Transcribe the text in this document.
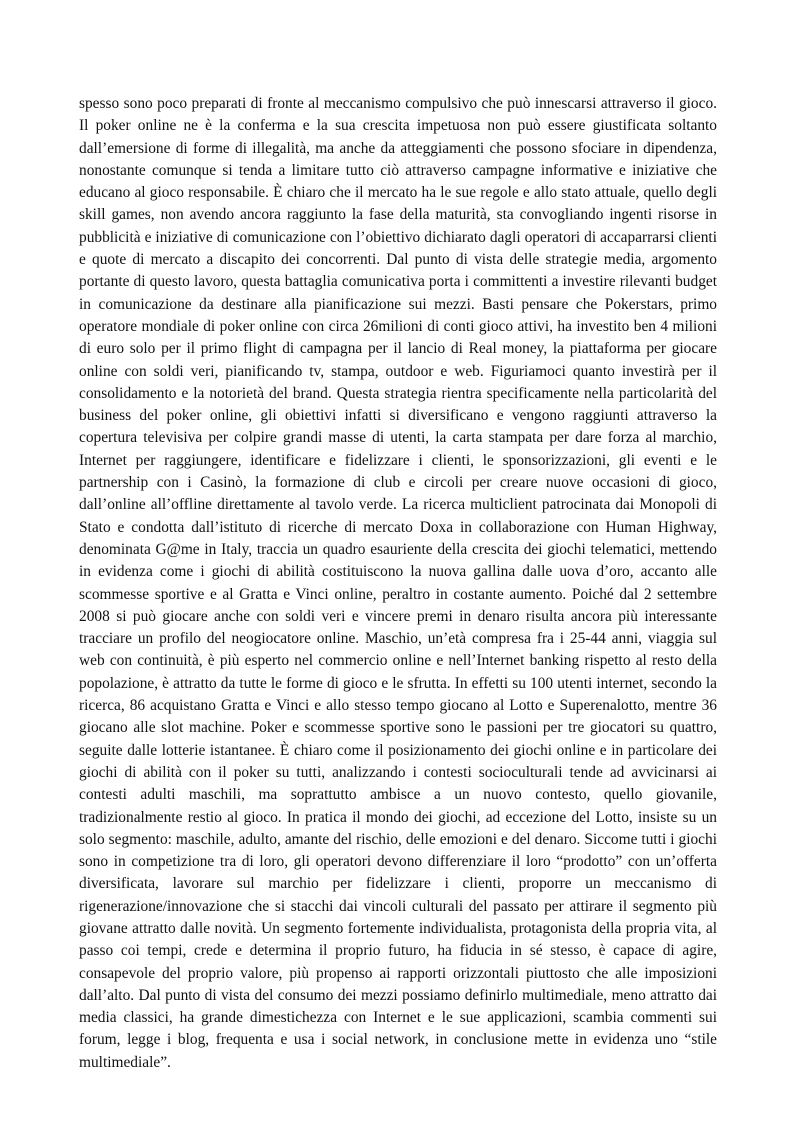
spesso sono poco preparati di fronte al meccanismo compulsivo che può innescarsi attraverso il gioco. Il poker online ne è la conferma e la sua crescita impetuosa non può essere giustificata soltanto dall’emersione di forme di illegalità, ma anche da atteggiamenti che possono sfociare in dipendenza, nonostante comunque si tenda a limitare tutto ciò attraverso campagne informative e iniziative che educano al gioco responsabile. È chiaro che il mercato ha le sue regole e allo stato attuale, quello degli skill games, non avendo ancora raggiunto la fase della maturità, sta convogliando ingenti risorse in pubblicità e iniziative di comunicazione con l’obiettivo dichiarato dagli operatori di accaparrarsi clienti e quote di mercato a discapito dei concorrenti. Dal punto di vista delle strategie media, argomento portante di questo lavoro, questa battaglia comunicativa porta i committenti a investire rilevanti budget in comunicazione da destinare alla pianificazione sui mezzi. Basti pensare che Pokerstars, primo operatore mondiale di poker online con circa 26milioni di conti gioco attivi, ha investito ben 4 milioni di euro solo per il primo flight di campagna per il lancio di Real money, la piattaforma per giocare online con soldi veri, pianificando tv, stampa, outdoor e web. Figuriamoci quanto investirà per il consolidamento e la notorietà del brand. Questa strategia rientra specificamente nella particolarità del business del poker online, gli obiettivi infatti si diversificano e vengono raggiunti attraverso la copertura televisiva per colpire grandi masse di utenti, la carta stampata per dare forza al marchio, Internet per raggiungere, identificare e fidelizzare i clienti, le sponsorizzazioni, gli eventi e le partnership con i Casinò, la formazione di club e circoli per creare nuove occasioni di gioco, dall’online all’offline direttamente al tavolo verde. La ricerca multiclient patrocinata dai Monopoli di Stato e condotta dall’istituto di ricerche di mercato Doxa in collaborazione con Human Highway, denominata G@me in Italy, traccia un quadro esauriente della crescita dei giochi telematici, mettendo in evidenza come i giochi di abilità costituiscono la nuova gallina dalle uova d’oro, accanto alle scommesse sportive e al Gratta e Vinci online, peraltro in costante aumento. Poiché dal 2 settembre 2008 si può giocare anche con soldi veri e vincere premi in denaro risulta ancora più interessante tracciare un profilo del neogiocatore online. Maschio, un’età compresa fra i 25-44 anni, viaggia sul web con continuità, è più esperto nel commercio online e nell’Internet banking rispetto al resto della popolazione, è attratto da tutte le forme di gioco e le sfrutta. In effetti su 100 utenti internet, secondo la ricerca, 86 acquistano Gratta e Vinci e allo stesso tempo giocano al Lotto e Superenalotto, mentre 36 giocano alle slot machine. Poker e scommesse sportive sono le passioni per tre giocatori su quattro, seguite dalle lotterie istantanee. È chiaro come il posizionamento dei giochi online e in particolare dei giochi di abilità con il poker su tutti, analizzando i contesti socioculturali tende ad avvicinarsi ai contesti adulti maschili, ma soprattutto ambisce a un nuovo contesto, quello giovanile, tradizionalmente restio al gioco. In pratica il mondo dei giochi, ad eccezione del Lotto, insiste su un solo segmento: maschile, adulto, amante del rischio, delle emozioni e del denaro. Siccome tutti i giochi sono in competizione tra di loro, gli operatori devono differenziare il loro “prodotto” con un’offerta diversificata, lavorare sul marchio per fidelizzare i clienti, proporre un meccanismo di rigenerazione/innovazione che si stacchi dai vincoli culturali del passato per attirare il segmento più giovane attratto dalle novità. Un segmento fortemente individualista, protagonista della propria vita, al passo coi tempi, crede e determina il proprio futuro, ha fiducia in sé stesso, è capace di agire, consapevole del proprio valore, più propenso ai rapporti orizzontali piuttosto che alle imposizioni dall’alto. Dal punto di vista del consumo dei mezzi possiamo definirlo multimediale, meno attratto dai media classici, ha grande dimestichezza con Internet e le sue applicazioni, scambia commenti sui forum, legge i blog, frequenta e usa i social network, in conclusione mette in evidenza uno “stile multimediale”.
